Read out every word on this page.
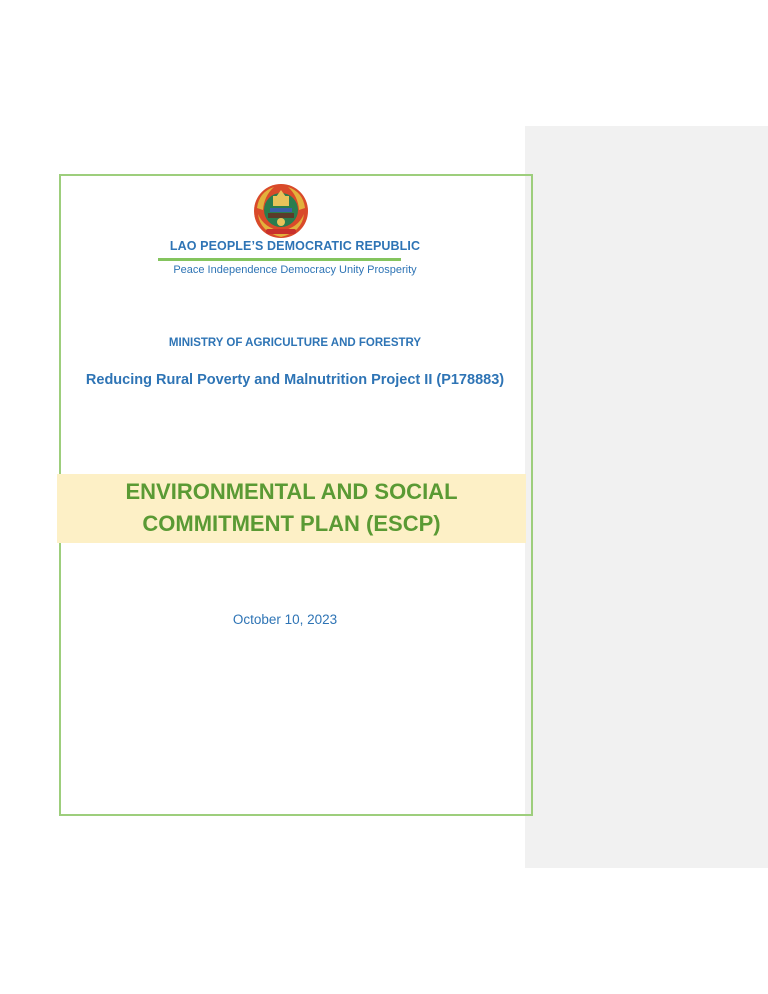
LAO PEOPLE’S DEMOCRATIC REPUBLIC
Peace Independence Democracy Unity Prosperity
MINISTRY OF AGRICULTURE AND FORESTRY
Reducing Rural Poverty and Malnutrition Project II (P178883)
ENVIRONMENTAL AND SOCIAL
COMMITMENT PLAN (ESCP)
October 10, 2023
